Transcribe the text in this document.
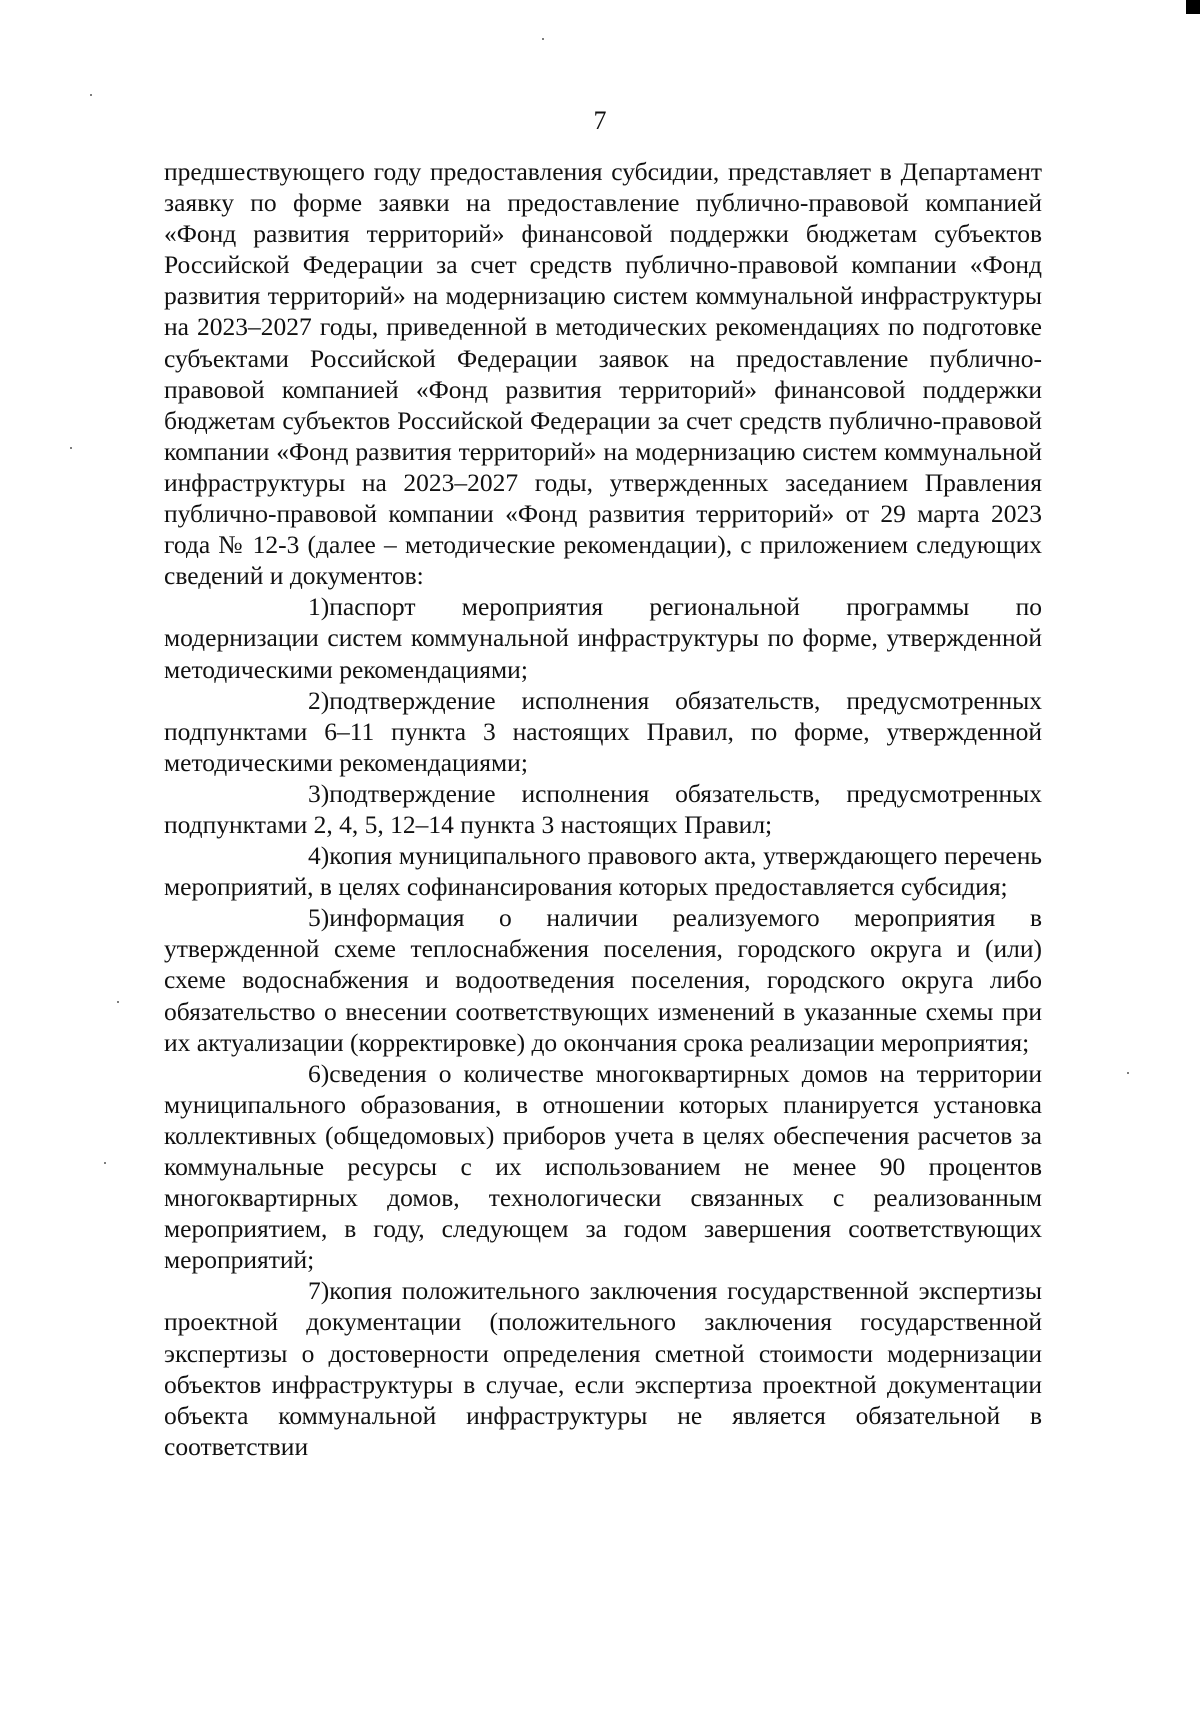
7

предшествующего году предоставления субсидии, представляет в Департамент заявку по форме заявки на предоставление публично-правовой компанией «Фонд развития территорий» финансовой поддержки бюджетам субъектов Российской Федерации за счет средств публично-правовой компании «Фонд развития территорий» на модернизацию систем коммунальной инфраструктуры на 2023–2027 годы, приведенной в методических рекомендациях по подготовке субъектами Российской Федерации заявок на предоставление публично-правовой компанией «Фонд развития территорий» финансовой поддержки бюджетам субъектов Российской Федерации за счет средств публично-правовой компании «Фонд развития территорий» на модернизацию систем коммунальной инфраструктуры на 2023–2027 годы, утвержденных заседанием Правления публично-правовой компании «Фонд развития территорий» от 29 марта 2023 года № 12-3 (далее – методические рекомендации), с приложением следующих сведений и документов:

1)паспорт мероприятия региональной программы по модернизации систем коммунальной инфраструктуры по форме, утвержденной методическими рекомендациями;

2)подтверждение исполнения обязательств, предусмотренных подпунктами 6–11 пункта 3 настоящих Правил, по форме, утвержденной методическими рекомендациями;

3)подтверждение исполнения обязательств, предусмотренных подпунктами 2, 4, 5, 12–14 пункта 3 настоящих Правил;

4)копия муниципального правового акта, утверждающего перечень мероприятий, в целях софинансирования которых предоставляется субсидия;

5)информация о наличии реализуемого мероприятия в утвержденной схеме теплоснабжения поселения, городского округа и (или) схеме водоснабжения и водоотведения поселения, городского округа либо обязательство о внесении соответствующих изменений в указанные схемы при их актуализации (корректировке) до окончания срока реализации мероприятия;

6)сведения о количестве многоквартирных домов на территории муниципального образования, в отношении которых планируется установка коллективных (общедомовых) приборов учета в целях обеспечения расчетов за коммунальные ресурсы с их использованием не менее 90 процентов многоквартирных домов, технологически связанных с реализованным мероприятием, в году, следующем за годом завершения соответствующих мероприятий;

7)копия положительного заключения государственной экспертизы проектной документации (положительного заключения государственной экспертизы о достоверности определения сметной стоимости модернизации объектов инфраструктуры в случае, если экспертиза проектной документации объекта коммунальной инфраструктуры не является обязательной в соответствии
